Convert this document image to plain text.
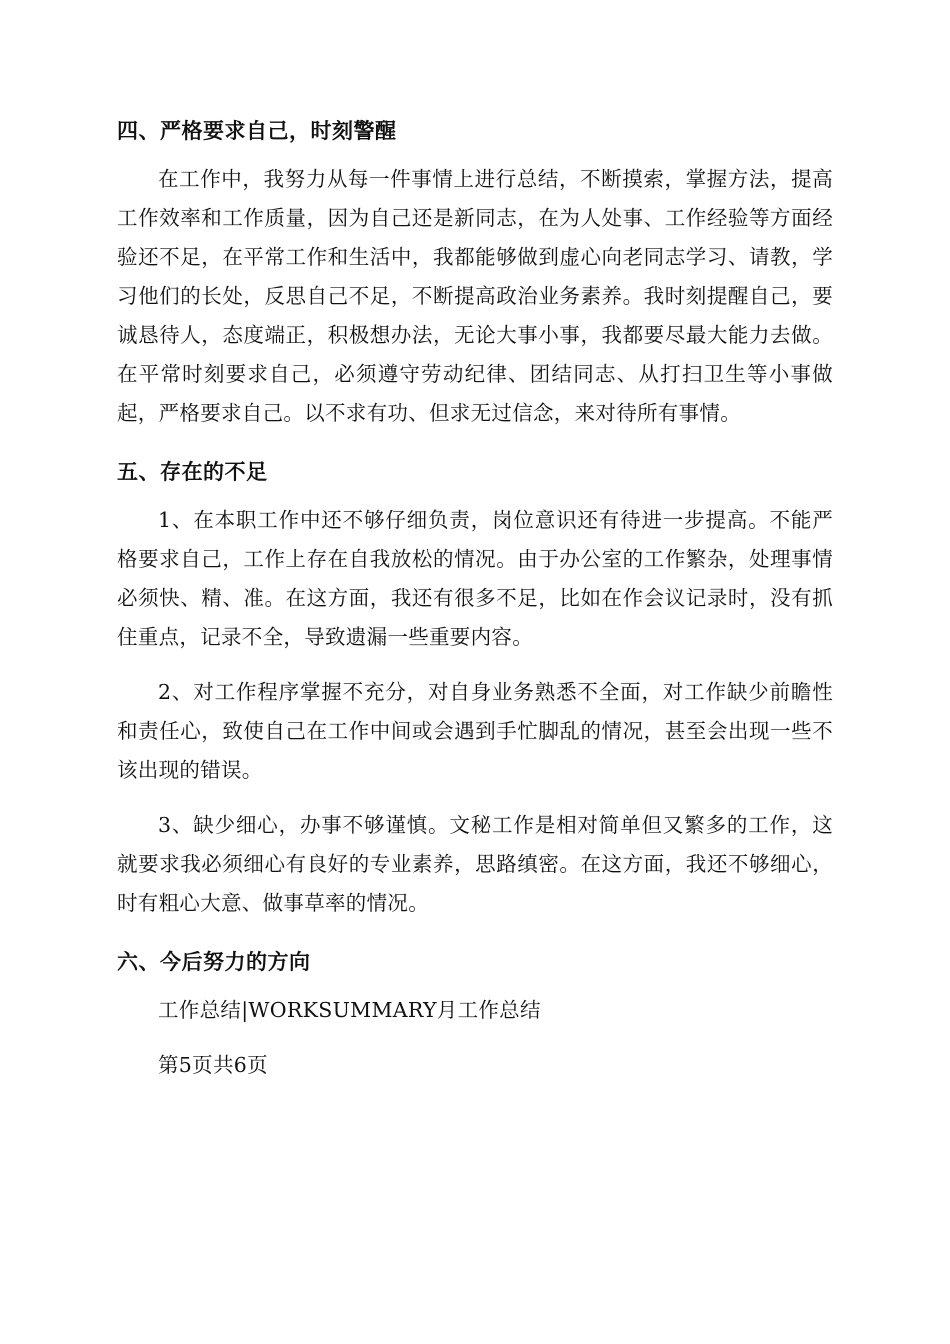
四、严格要求自己，时刻警醒

在工作中，我努力从每一件事情上进行总结，不断摸索，掌握方法，提高工作效率和工作质量，因为自己还是新同志，在为人处事、工作经验等方面经验还不足，在平常工作和生活中，我都能够做到虚心向老同志学习、请教，学习他们的长处，反思自己不足，不断提高政治业务素养。我时刻提醒自己，要诚恳待人，态度端正，积极想办法，无论大事小事，我都要尽最大能力去做。在平常时刻要求自己，必须遵守劳动纪律、团结同志、从打扫卫生等小事做起，严格要求自己。以不求有功、但求无过信念，来对待所有事情。

五、存在的不足

1、在本职工作中还不够仔细负责，岗位意识还有待进一步提高。不能严格要求自己，工作上存在自我放松的情况。由于办公室的工作繁杂，处理事情必须快、精、准。在这方面，我还有很多不足，比如在作会议记录时，没有抓住重点，记录不全，导致遗漏一些重要内容。

2、对工作程序掌握不充分，对自身业务熟悉不全面，对工作缺少前瞻性和责任心，致使自己在工作中间或会遇到手忙脚乱的情况，甚至会出现一些不该出现的错误。

3、缺少细心，办事不够谨慎。文秘工作是相对简单但又繁多的工作，这就要求我必须细心有良好的专业素养，思路缜密。在这方面，我还不够细心，时有粗心大意、做事草率的情况。

六、今后努力的方向

工作总结|WORKSUMMARY月工作总结

第5页共6页
